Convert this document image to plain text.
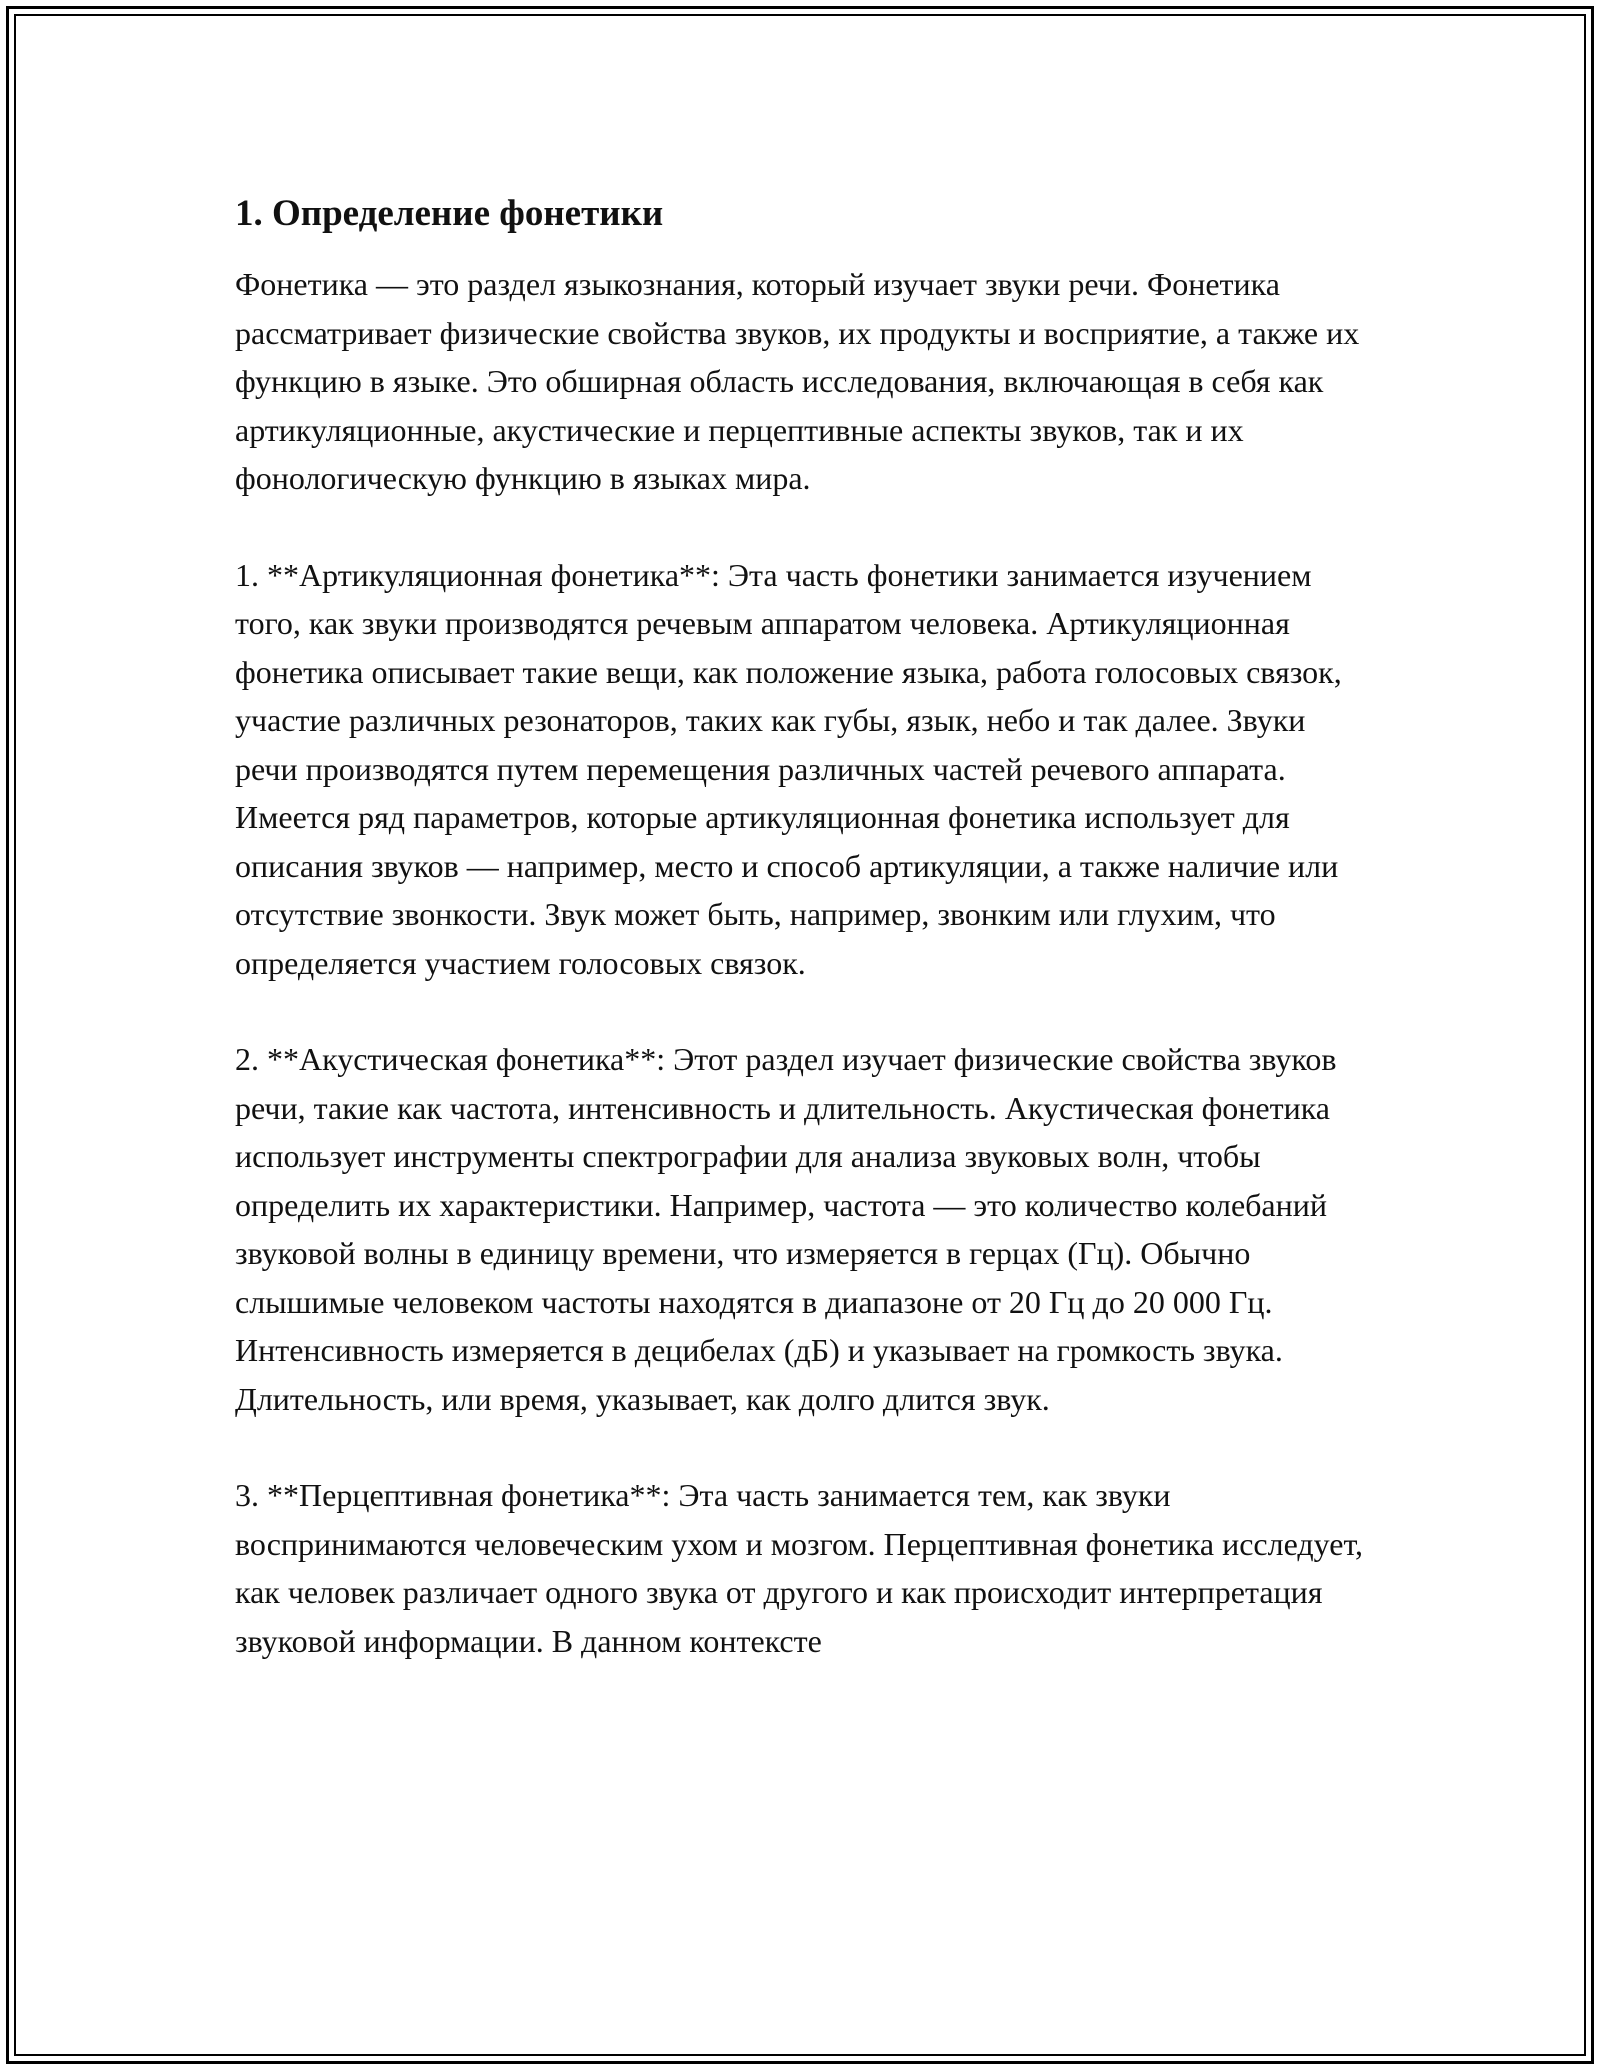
1. Определение фонетики

Фонетика — это раздел языкознания, который изучает звуки речи. Фонетика рассматривает физические свойства звуков, их продукты и восприятие, а также их функцию в языке. Это обширная область исследования, включающая в себя как артикуляционные, акустические и перцептивные аспекты звуков, так и их фонологическую функцию в языках мира.

1. **Артикуляционная фонетика**: Эта часть фонетики занимается изучением того, как звуки производятся речевым аппаратом человека. Артикуляционная фонетика описывает такие вещи, как положение языка, работа голосовых связок, участие различных резонаторов, таких как губы, язык, небо и так далее. Звуки речи производятся путем перемещения различных частей речевого аппарата. Имеется ряд параметров, которые артикуляционная фонетика использует для описания звуков — например, место и способ артикуляции, а также наличие или отсутствие звонкости. Звук может быть, например, звонким или глухим, что определяется участием голосовых связок.

2. **Акустическая фонетика**: Этот раздел изучает физические свойства звуков речи, такие как частота, интенсивность и длительность. Акустическая фонетика использует инструменты спектрографии для анализа звуковых волн, чтобы определить их характеристики. Например, частота — это количество колебаний звуковой волны в единицу времени, что измеряется в герцах (Гц). Обычно слышимые человеком частоты находятся в диапазоне от 20 Гц до 20 000 Гц. Интенсивность измеряется в децибелах (дБ) и указывает на громкость звука. Длительность, или время, указывает, как долго длится звук.

3. **Перцептивная фонетика**: Эта часть занимается тем, как звуки воспринимаются человеческим ухом и мозгом. Перцептивная фонетика исследует, как человек различает одного звука от другого и как происходит интерпретация звуковой информации. В данном контексте
